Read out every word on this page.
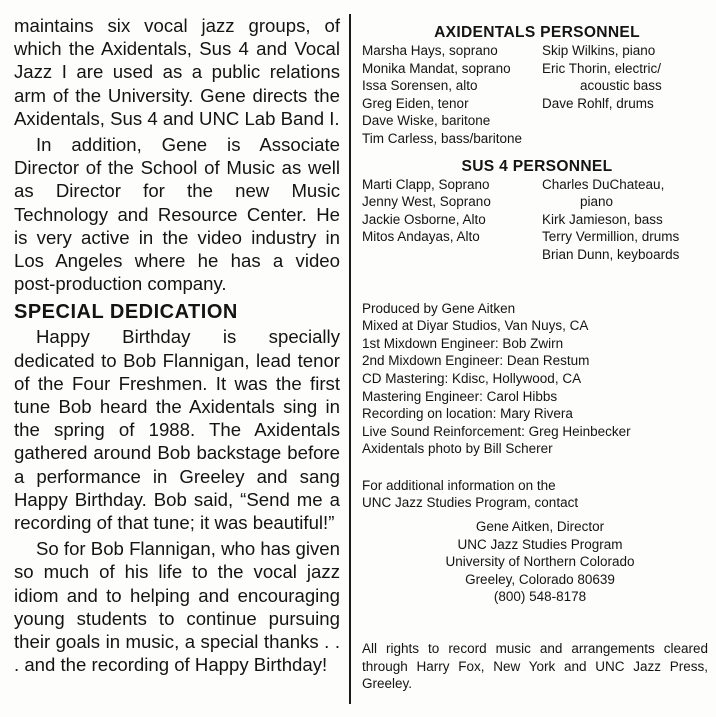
maintains six vocal jazz groups, of which the Axidentals, Sus 4 and Vocal Jazz I are used as a public relations arm of the University. Gene directs the Axidentals, Sus 4 and UNC Lab Band I.

In addition, Gene is Associate Director of the School of Music as well as Director for the new Music Technology and Resource Center. He is very active in the video industry in Los Angeles where he has a video post-production company.

SPECIAL DEDICATION

Happy Birthday is specially dedicated to Bob Flannigan, lead tenor of the Four Freshmen. It was the first tune Bob heard the Axidentals sing in the spring of 1988. The Axidentals gathered around Bob backstage before a performance in Greeley and sang Happy Birthday. Bob said, “Send me a recording of that tune; it was beautiful!”

So for Bob Flannigan, who has given so much of his life to the vocal jazz idiom and to helping and encouraging young students to continue pursuing their goals in music, a special thanks . . . and the recording of Happy Birthday!

AXIDENTALS PERSONNEL
Marsha Hays, soprano
Monika Mandat, soprano
Issa Sorensen, alto
Greg Eiden, tenor
Dave Wiske, baritone
Tim Carless, bass/baritone
Skip Wilkins, piano
Eric Thorin, electric/
acoustic bass
Dave Rohlf, drums
SUS 4 PERSONNEL
Marti Clapp, Soprano
Jenny West, Soprano
Jackie Osborne, Alto
Mitos Andayas, Alto
Charles DuChateau,
piano
Kirk Jamieson, bass
Terry Vermillion, drums
Brian Dunn, keyboards
Produced by Gene Aitken
Mixed at Diyar Studios, Van Nuys, CA
1st Mixdown Engineer: Bob Zwirn
2nd Mixdown Engineer: Dean Restum
CD Mastering: Kdisc, Hollywood, CA
Mastering Engineer: Carol Hibbs
Recording on location: Mary Rivera
Live Sound Reinforcement: Greg Heinbecker
Axidentals photo by Bill Scherer
For additional information on the
UNC Jazz Studies Program, contact
Gene Aitken, Director
UNC Jazz Studies Program
University of Northern Colorado
Greeley, Colorado 80639
(800) 548-8178
All rights to record music and arrangements cleared through Harry Fox, New York and UNC Jazz Press, Greeley.
